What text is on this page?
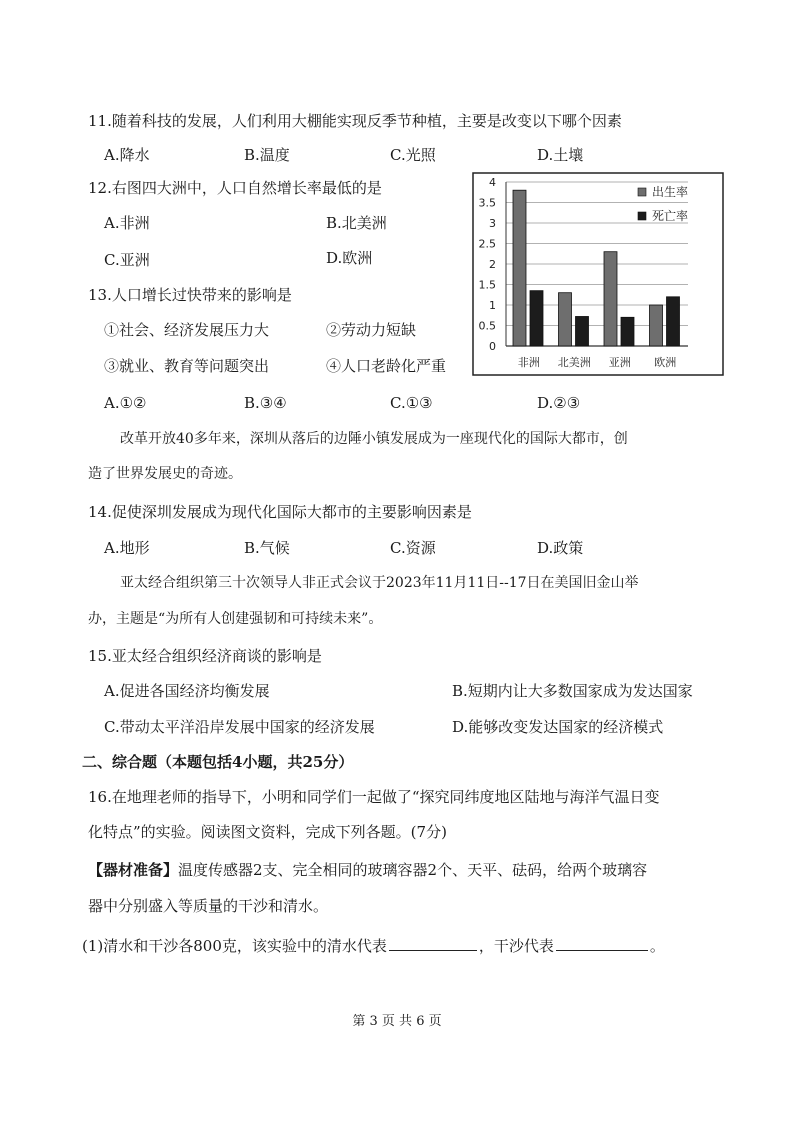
11.随着科技的发展，人们利用大棚能实现反季节种植，主要是改变以下哪个因素
A.降水	B.温度	C.光照	D.土壤
12.右图四大洲中，人口自然增长率最低的是
A.非洲	B.北美洲
C.亚洲	D.欧洲
13.人口增长过快带来的影响是
①社会、经济发展压力大	②劳动力短缺
③就业、教育等问题突出	④人口老龄化严重
A.①②	B.③④	C.①③	D.②③
0
0.5
1
1.5
2
2.5
3
3.5
4
非洲 北美洲 亚洲 欧洲
出生率
死亡率
改革开放40多年来，深圳从落后的边陲小镇发展成为一座现代化的国际大都市，创
造了世界发展史的奇迹。
14.促使深圳发展成为现代化国际大都市的主要影响因素是
A.地形	B.气候	C.资源	D.政策
亚太经合组织第三十次领导人非正式会议于2023年11月11日--17日在美国旧金山举
办，主题是“为所有人创建强韧和可持续未来”。
15.亚太经合组织经济商谈的影响是
A.促进各国经济均衡发展	B.短期内让大多数国家成为发达国家
C.带动太平洋沿岸发展中国家的经济发展	D.能够改变发达国家的经济模式
二、综合题（本题包括4小题，共25分）
16.在地理老师的指导下，小明和同学们一起做了“探究同纬度地区陆地与海洋气温日变
化特点”的实验。阅读图文资料，完成下列各题。(7分)
【器材准备】温度传感器2支、完全相同的玻璃容器2个、天平、砝码，给两个玻璃容
器中分别盛入等质量的干沙和清水。
(1)清水和干沙各800克，该实验中的清水代表	，干沙代表	。
第 3 页 共 6 页
